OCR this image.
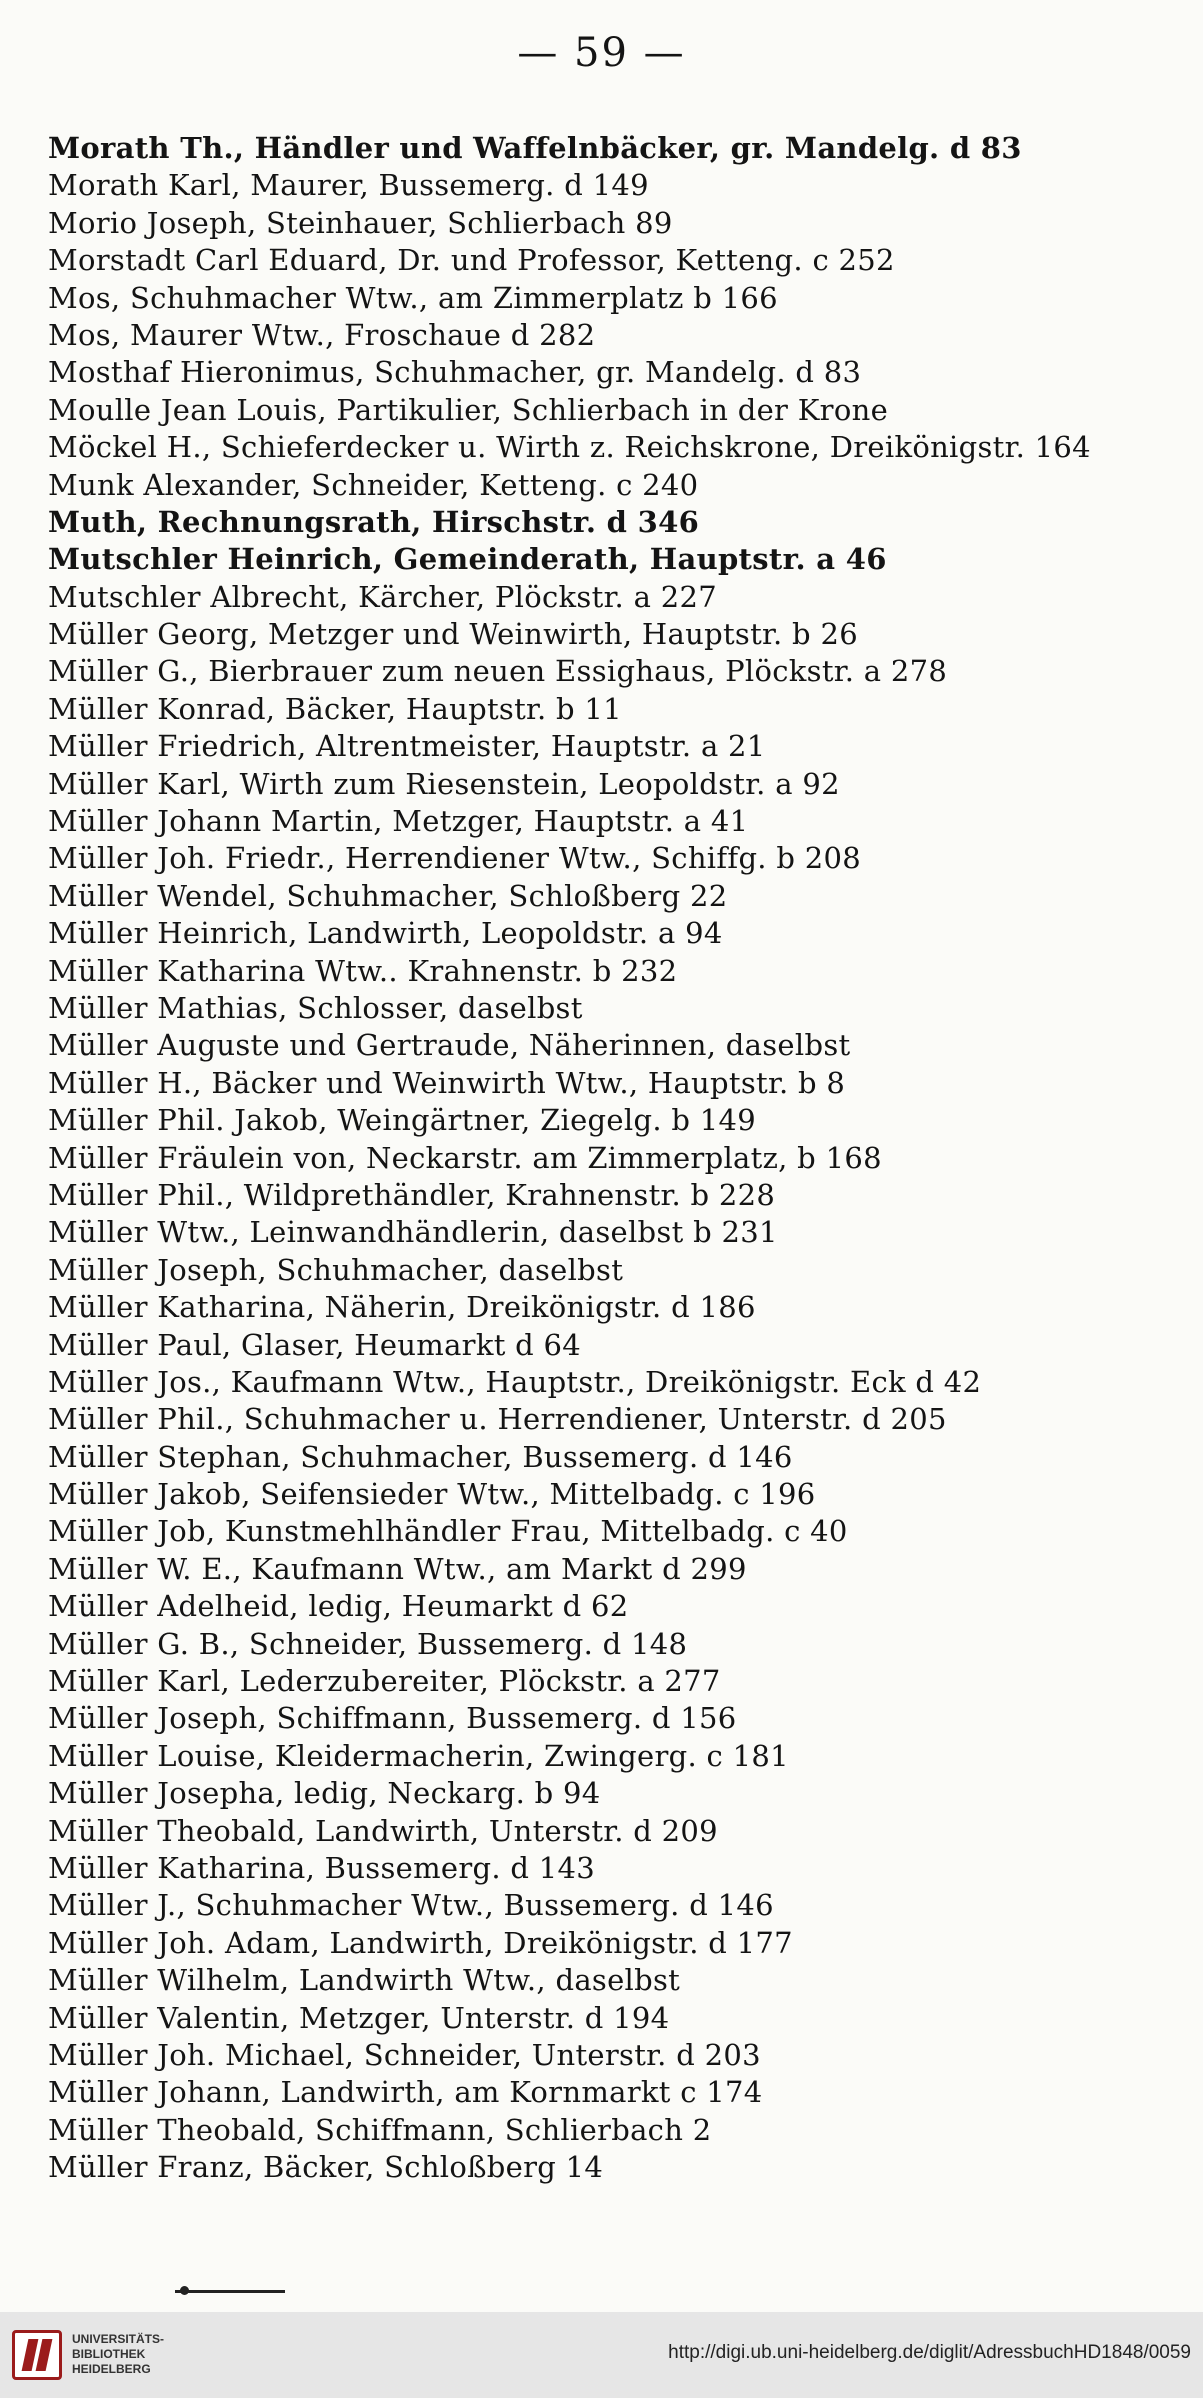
— 59 —
Morath Th., Händler und Waffelnbäcker, gr. Mandelg. d 83
Morath Karl, Maurer, Bussemerg. d 149
Morio Joseph, Steinhauer, Schlierbach 89
Morstadt Carl Eduard, Dr. und Professor, Ketteng. c 252
Mos, Schuhmacher Wtw., am Zimmerplatz b 166
Mos, Maurer Wtw., Froschaue d 282
Mosthaf Hieronimus, Schuhmacher, gr. Mandelg. d 83
Moulle Jean Louis, Partikulier, Schlierbach in der Krone
Möckel H., Schieferdecker u. Wirth z. Reichskrone, Dreikönigstr. 164
Munk Alexander, Schneider, Ketteng. c 240
Muth, Rechnungsrath, Hirschstr. d 346
Mutschler Heinrich, Gemeinderath, Hauptstr. a 46
Mutschler Albrecht, Kärcher, Plöckstr. a 227
Müller Georg, Metzger und Weinwirth, Hauptstr. b 26
Müller G., Bierbrauer zum neuen Essighaus, Plöckstr. a 278
Müller Konrad, Bäcker, Hauptstr. b 11
Müller Friedrich, Altrentmeister, Hauptstr. a 21
Müller Karl, Wirth zum Riesenstein, Leopoldstr. a 92
Müller Johann Martin, Metzger, Hauptstr. a 41
Müller Joh. Friedr., Herrendiener Wtw., Schiffg. b 208
Müller Wendel, Schuhmacher, Schloßberg 22
Müller Heinrich, Landwirth, Leopoldstr. a 94
Müller Katharina Wtw.. Krahnenstr. b 232
Müller Mathias, Schlosser, daselbst
Müller Auguste und Gertraude, Näherinnen, daselbst
Müller H., Bäcker und Weinwirth Wtw., Hauptstr. b 8
Müller Phil. Jakob, Weingärtner, Ziegelg. b 149
Müller Fräulein von, Neckarstr. am Zimmerplatz, b 168
Müller Phil., Wildprethändler, Krahnenstr. b 228
Müller Wtw., Leinwandhändlerin, daselbst b 231
Müller Joseph, Schuhmacher, daselbst
Müller Katharina, Näherin, Dreikönigstr. d 186
Müller Paul, Glaser, Heumarkt d 64
Müller Jos., Kaufmann Wtw., Hauptstr., Dreikönigstr. Eck d 42
Müller Phil., Schuhmacher u. Herrendiener, Unterstr. d 205
Müller Stephan, Schuhmacher, Bussemerg. d 146
Müller Jakob, Seifensieder Wtw., Mittelbadg. c 196
Müller Job, Kunstmehlhändler Frau, Mittelbadg. c 40
Müller W. E., Kaufmann Wtw., am Markt d 299
Müller Adelheid, ledig, Heumarkt d 62
Müller G. B., Schneider, Bussemerg. d 148
Müller Karl, Lederzubereiter, Plöckstr. a 277
Müller Joseph, Schiffmann, Bussemerg. d 156
Müller Louise, Kleidermacherin, Zwingerg. c 181
Müller Josepha, ledig, Neckarg. b 94
Müller Theobald, Landwirth, Unterstr. d 209
Müller Katharina, Bussemerg. d 143
Müller J., Schuhmacher Wtw., Bussemerg. d 146
Müller Joh. Adam, Landwirth, Dreikönigstr. d 177
Müller Wilhelm, Landwirth Wtw., daselbst
Müller Valentin, Metzger, Unterstr. d 194
Müller Joh. Michael, Schneider, Unterstr. d 203
Müller Johann, Landwirth, am Kornmarkt c 174
Müller Theobald, Schiffmann, Schlierbach 2
Müller Franz, Bäcker, Schloßberg 14
UNIVERSITÄTS-
BIBLIOTHEK
HEIDELBERG
http://digi.ub.uni-heidelberg.de/diglit/AdressbuchHD1848/0059
